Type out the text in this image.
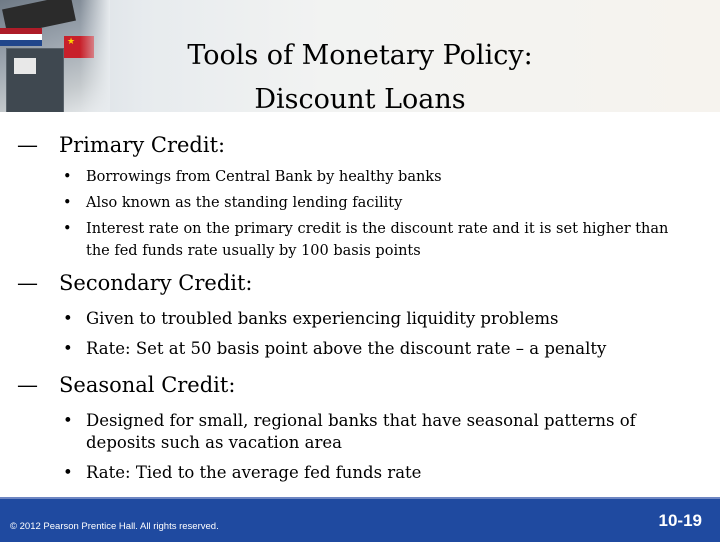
★	Tools of Monetary Policy:
Discount Loans
—	Primary Credit:
• Borrowings from Central Bank by healthy banks
• Also known as the standing lending facility
• Interest rate on the primary credit is the discount rate and it is set higher than the fed funds rate usually by 100 basis points
—	Secondary Credit:
• Given to troubled banks experiencing liquidity problems
• Rate: Set at 50 basis point above the discount rate – a penalty
—	Seasonal Credit:
• Designed for small, regional banks that have seasonal patterns of deposits such as vacation area
• Rate: Tied to the average fed funds rate
© 2012 Pearson Prentice Hall. All rights reserved.	10-19
